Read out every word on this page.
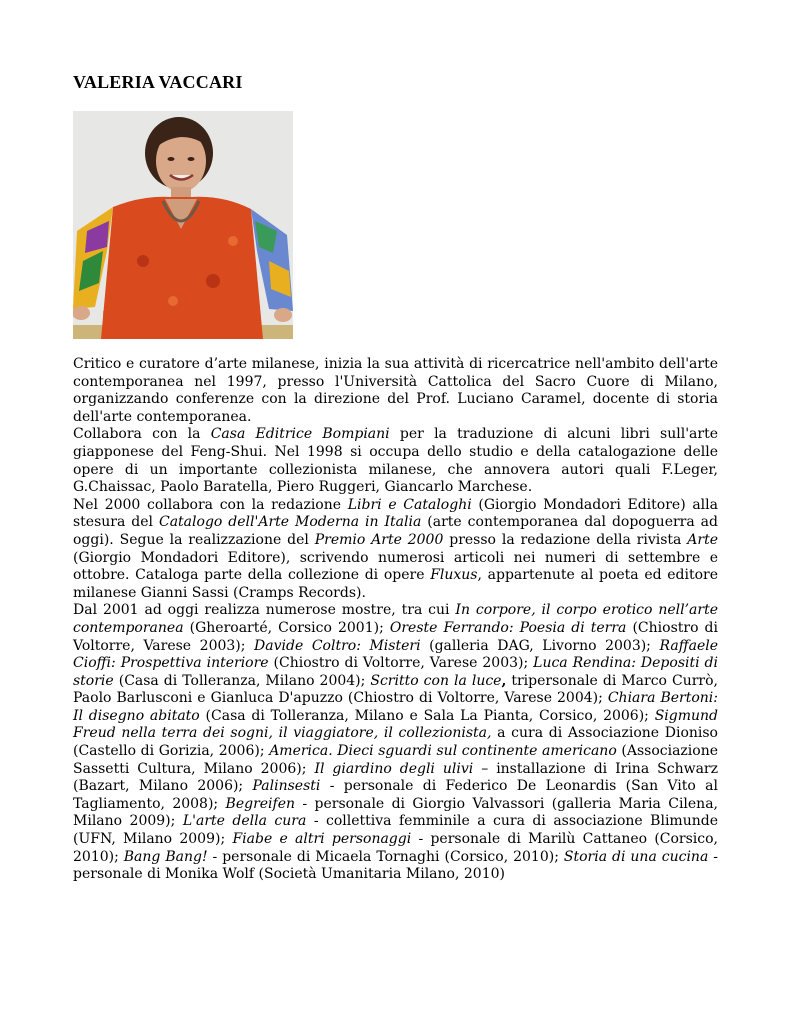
VALERIA VACCARI

Critico e curatore d’arte milanese, inizia la sua attività di ricercatrice nell'ambito dell'arte contemporanea nel 1997, presso l'Università Cattolica del Sacro Cuore di Milano, organizzando conferenze con la direzione del Prof. Luciano Caramel, docente di storia dell'arte contemporanea.

Collabora con la Casa Editrice Bompiani per la traduzione di alcuni libri sull'arte giapponese del Feng-Shui. Nel 1998 si occupa dello studio e della catalogazione delle opere di un importante collezionista milanese, che annovera autori quali F.Leger, G.Chaissac, Paolo Baratella, Piero Ruggeri, Giancarlo Marchese.

Nel 2000 collabora con la redazione Libri e Cataloghi (Giorgio Mondadori Editore) alla stesura del Catalogo dell'Arte Moderna in Italia (arte contemporanea dal dopoguerra ad oggi). Segue la realizzazione del Premio Arte 2000 presso la redazione della rivista Arte (Giorgio Mondadori Editore), scrivendo numerosi articoli nei numeri di settembre e ottobre. Cataloga parte della collezione di opere Fluxus, appartenute al poeta ed editore milanese Gianni Sassi (Cramps Records).

Dal 2001 ad oggi realizza numerose mostre, tra cui In corpore, il corpo erotico nell’arte contemporanea (Gheroarté, Corsico 2001); Oreste Ferrando: Poesia di terra (Chiostro di Voltorre, Varese 2003); Davide Coltro: Misteri (galleria DAG, Livorno 2003); Raffaele Cioffi: Prospettiva interiore (Chiostro di Voltorre, Varese 2003); Luca Rendina: Depositi di storie (Casa di Tolleranza, Milano 2004); Scritto con la luce, tripersonale di Marco Currò, Paolo Barlusconi e Gianluca D'apuzzo (Chiostro di Voltorre, Varese 2004); Chiara Bertoni: Il disegno abitato (Casa di Tolleranza, Milano e Sala La Pianta, Corsico, 2006); Sigmund Freud nella terra dei sogni, il viaggiatore, il collezionista, a cura di Associazione Dioniso (Castello di Gorizia, 2006); America. Dieci sguardi sul continente americano (Associazione Sassetti Cultura, Milano 2006); Il giardino degli ulivi – installazione di Irina Schwarz (Bazart, Milano 2006); Palinsesti - personale di Federico De Leonardis (San Vito al Tagliamento, 2008); Begreifen - personale di Giorgio Valvassori (galleria Maria Cilena, Milano 2009); L'arte della cura - collettiva femminile a cura di associazione Blimunde (UFN, Milano 2009); Fiabe e altri personaggi - personale di Marilù Cattaneo (Corsico, 2010); Bang Bang! - personale di Micaela Tornaghi (Corsico, 2010); Storia di una cucina - personale di Monika Wolf (Società Umanitaria Milano, 2010)
